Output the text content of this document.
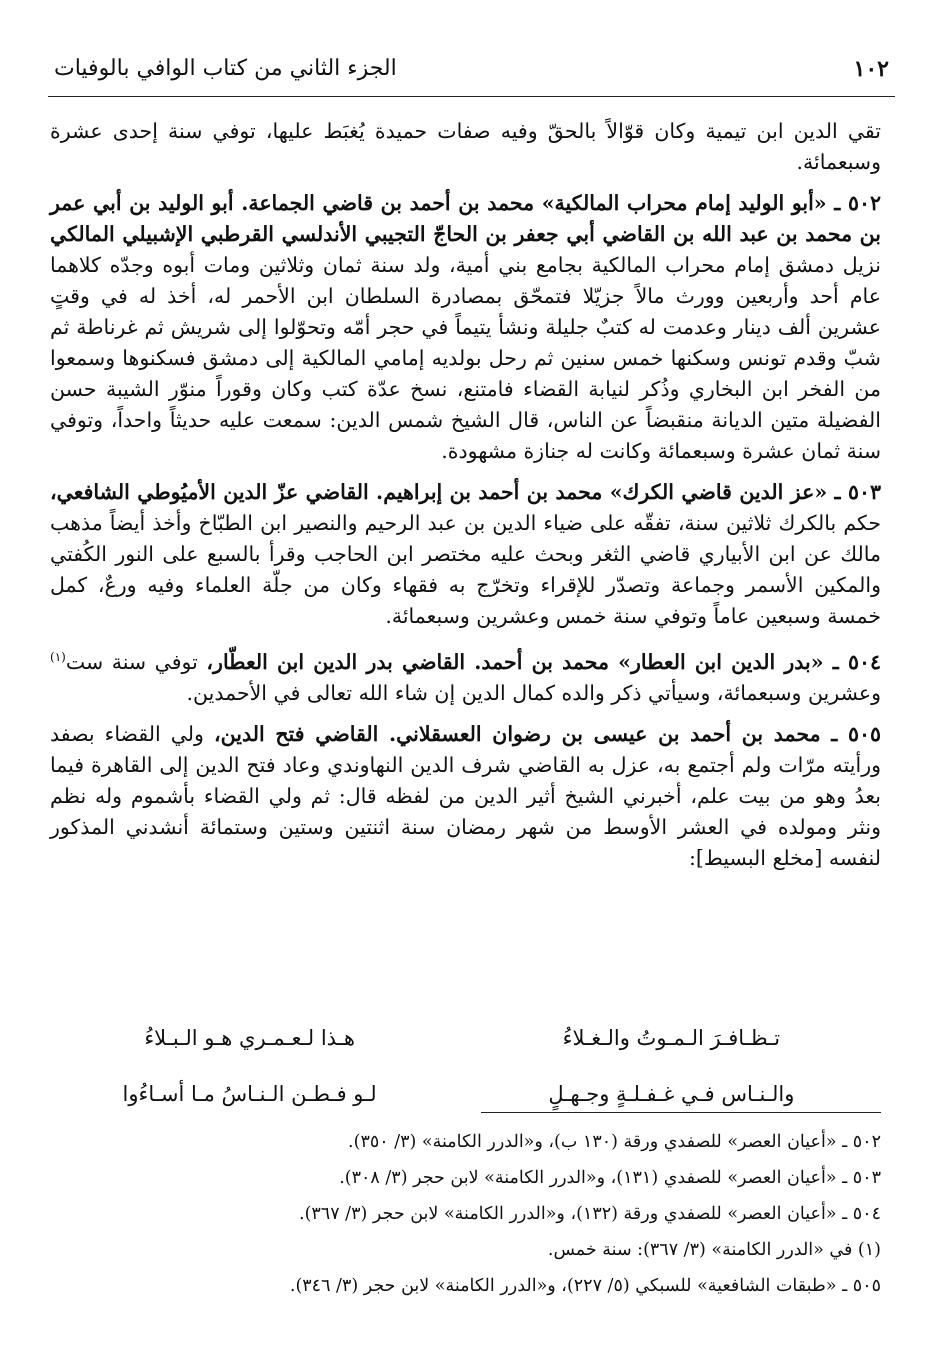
١٠٢
الجزء الثاني من كتاب الوافي بالوفيات

تقي الدين ابن تيمية وكان قوّالاً بالحقّ وفيه صفات حميدة يُغبَط عليها، توفي سنة إحدى عشرة وسبعمائة.

٥٠٢ ـ «أبو الوليد إمام محراب المالكية» محمد بن أحمد بن قاضي الجماعة. أبو الوليد بن أبي عمر بن محمد بن عبد الله بن القاضي أبي جعفر بن الحاجّ التجيبي الأندلسي القرطبي الإشبيلي المالكي نزيل دمشق إمام محراب المالكية بجامع بني أمية، ولد سنة ثمان وثلاثين ومات أبوه وجدّه كلاهما عام أحد وأربعين وورث مالاً جزيّلا فتمحّق بمصادرة السلطان ابن الأحمر له، أخذ له في وقتٍ عشرين ألف دينار وعدمت له كتبٌ جليلة ونشأ يتيماً في حجر أمّه وتحوّلوا إلى شريش ثم غرناطة ثم شبّ وقدم تونس وسكنها خمس سنين ثم رحل بولديه إمامي المالكية إلى دمشق فسكنوها وسمعوا من الفخر ابن البخاري وذُكر لنيابة القضاء فامتنع، نسخ عدّة كتب وكان وقوراً منوّر الشيبة حسن الفضيلة متين الديانة منقبضاً عن الناس، قال الشيخ شمس الدين: سمعت عليه حديثاً واحداً، وتوفي سنة ثمان عشرة وسبعمائة وكانت له جنازة مشهودة.

٥٠٣ ـ «عز الدين قاضي الكرك» محمد بن أحمد بن إبراهيم. القاضي عزّ الدين الأميُوطي الشافعي، حكم بالكرك ثلاثين سنة، تفقّه على ضياء الدين بن عبد الرحيم والنصير ابن الطبّاخ وأخذ أيضاً مذهب مالك عن ابن الأبياري قاضي الثغر وبحث عليه مختصر ابن الحاجب وقرأ بالسبع على النور الكُفتي والمكين الأسمر وجماعة وتصدّر للإقراء وتخرّج به فقهاء وكان من جلّة العلماء وفيه ورعٌ، كمل خمسة وسبعين عاماً وتوفي سنة خمس وعشرين وسبعمائة.

٥٠٤ ـ «بدر الدين ابن العطار» محمد بن أحمد. القاضي بدر الدين ابن العطّار، توفي سنة ست$^{(١)}$ وعشرين وسبعمائة، وسيأتي ذكر والده كمال الدين إن شاء الله تعالى في الأحمدين.

٥٠٥ ـ محمد بن أحمد بن عيسى بن رضوان العسقلاني. القاضي فتح الدين، ولي القضاء بصفد ورأيته مرّات ولم أجتمع به، عزل به القاضي شرف الدين النهاوندي وعاد فتح الدين إلى القاهرة فيما بعدُ وهو من بيت علم، أخبرني الشيخ أثير الدين من لفظه قال: ثم ولي القضاء بأشموم وله نظم ونثر ومولده في العشر الأوسط من شهر رمضان سنة اثنتين وستين وستمائة أنشدني المذكور لنفسه [مخلع البسيط]:

تـظـافـرَ الـمـوتُ والـغـلاءُ
هـذا لـعـمـري هـو الـبـلاءُ
والـنـاس فـي غـفـلـةٍ وجـهـلٍ
لـو فـطـن الـنـاسُ مـا أسـاءُوا
٥٠٢ ـ «أعيان العصر» للصفدي ورقة (١٣٠ ب)، و«الدرر الكامنة» (٣/ ٣٥٠).
٥٠٣ ـ «أعيان العصر» للصفدي (١٣١)، و«الدرر الكامنة» لابن حجر (٣/ ٣٠٨).
٥٠٤ ـ «أعيان العصر» للصفدي ورقة (١٣٢)، و«الدرر الكامنة» لابن حجر (٣/ ٣٦٧).
(١) في «الدرر الكامنة» (٣/ ٣٦٧): سنة خمس.
٥٠٥ ـ «طبقات الشافعية» للسبكي (٥/ ٢٢٧)، و«الدرر الكامنة» لابن حجر (٣/ ٣٤٦).
